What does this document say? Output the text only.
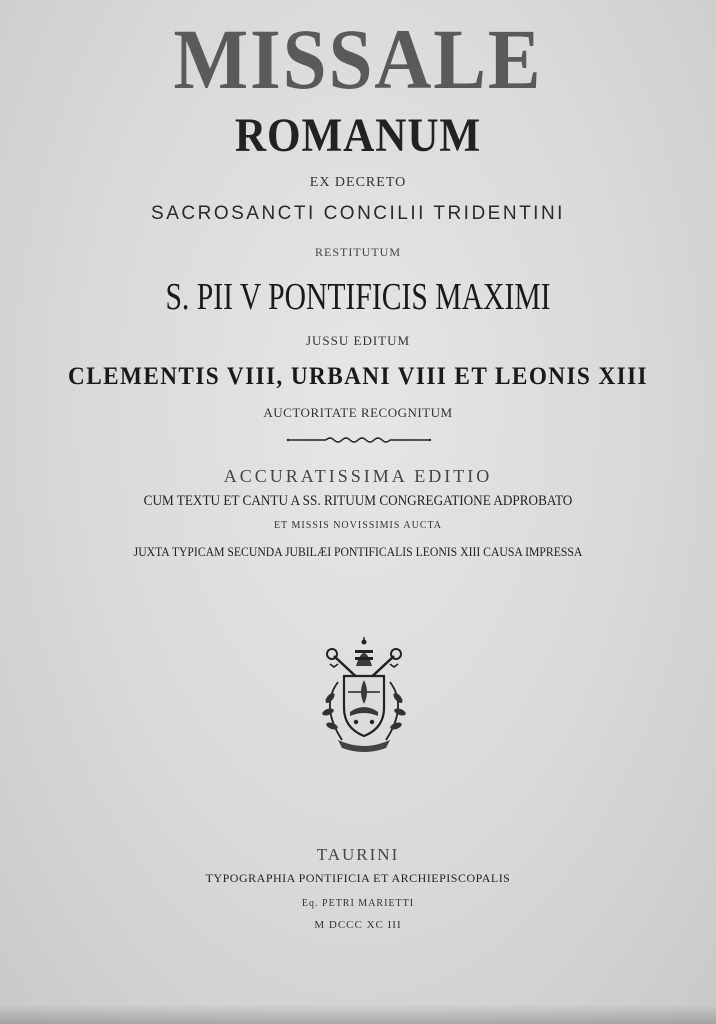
MISSALE
ROMANUM
EX DECRETO
SACROSANCTI CONCILII TRIDENTINI
RESTITUTUM
S. PII V PONTIFICIS MAXIMI
JUSSU EDITUM
CLEMENTIS VIII, URBANI VIII ET LEONIS XIII
AUCTORITATE RECOGNITUM
ACCURATISSIMA EDITIO
CUM TEXTU ET CANTU A SS. RITUUM CONGREGATIONE ADPROBATO
ET MISSIS NOVISSIMIS AUCTA
JUXTA TYPICAM SECUNDA JUBILÆI PONTIFICALIS LEONIS XIII CAUSA IMPRESSA
TAURINI
TYPOGRAPHIA PONTIFICIA ET ARCHIEPISCOPALIS
Eq. PETRI MARIETTI
M DCCC XC III
